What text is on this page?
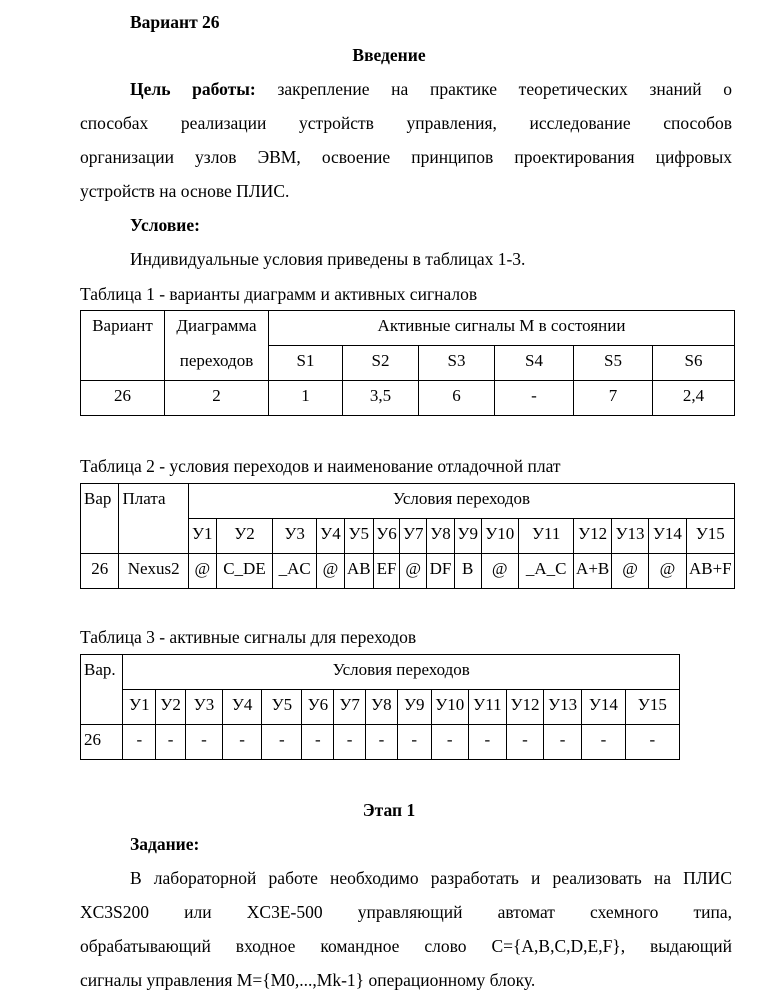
Вариант 26
Введение
Цель работы: закрепление на практике теоретических знаний о
способах реализации устройств управления, исследование способов
организации узлов ЭВМ, освоение принципов проектирования цифровых
устройств на основе ПЛИС.
Условие:
Индивидуальные условия приведены в таблицах 1-3.
Таблица 1 - варианты диаграмм и активных сигналов
Вариант	Диаграмма	Активные сигналы М в состоянии					
	переходов	S1	S2	S3	S4	S5	S6
26	2	1	3,5	6	-	7	2,4
Таблица 2 - условия переходов и наименование отладочной плат
Вар	Плата	Условия переходов														
		У1	У2	У3	У4	У5	У6	У7	У8	У9	У10	У11	У12	У13	У14	У15
26	Nexus2	@	C_DE	_AC	@	AB	EF	@	DF	B	@	_A_C	A+B	@	@	AB+F
Таблица 3 - активные сигналы для переходов
Вар.	Условия переходов														
	У1	У2	У3	У4	У5	У6	У7	У8	У9	У10	У11	У12	У13	У14	У15
26	-	-	-	-	-	-	-	-	-	-	-	-	-	-	-
Этап 1
Задание:
В лабораторной работе необходимо разработать и реализовать на ПЛИС
XC3S200 или XC3E-500 управляющий автомат схемного типа,
обрабатывающий входное командное слово C={A,B,C,D,E,F}, выдающий
сигналы управления M={M0,...,Mk-1} операционному блоку.
